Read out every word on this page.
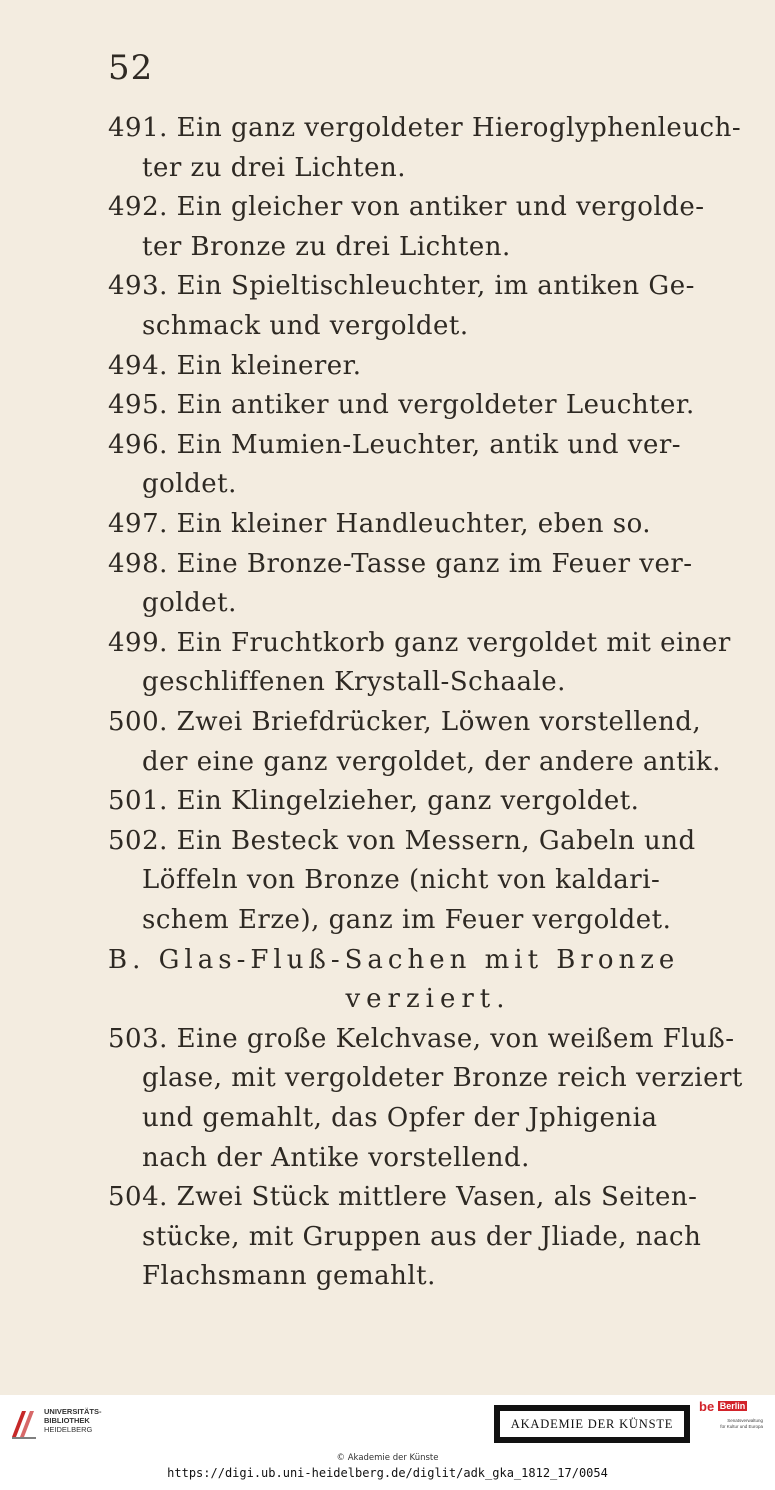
52
491. Ein ganz vergoldeter Hieroglyphenleuch-
ter zu drei Lichten.
492. Ein gleicher von antiker und vergolde-
ter Bronze zu drei Lichten.
493. Ein Spieltischleuchter, im antiken Ge-
schmack und vergoldet.
494. Ein kleinerer.
495. Ein antiker und vergoldeter Leuchter.
496. Ein Mumien-Leuchter, antik und ver-
goldet.
497. Ein kleiner Handleuchter, eben so.
498. Eine Bronze-Tasse ganz im Feuer ver-
goldet.
499. Ein Fruchtkorb ganz vergoldet mit einer
geschliffenen Krystall-Schaale.
500. Zwei Briefdrücker, Löwen vorstellend,
der eine ganz vergoldet, der andere antik.
501. Ein Klingelzieher, ganz vergoldet.
502. Ein Besteck von Messern, Gabeln und
Löffeln von Bronze (nicht von kaldari-
schem Erze), ganz im Feuer vergoldet.
B. Glas-Fluß-Sachen mit Bronze
verziert.
503. Eine große Kelchvase, von weißem Fluß-
glase, mit vergoldeter Bronze reich verziert
und gemahlt, das Opfer der Jphigenia
nach der Antike vorstellend.
504. Zwei Stück mittlere Vasen, als Seiten-
stücke, mit Gruppen aus der Jliade, nach
Flachsmann gemahlt.
UNIVERSITÄTS-
BIBLIOTHEK
HEIDELBERG	AKADEMIE DER KÜNSTE
be Berlin
Senatsverwaltung
für Kultur und Europa
© Akademie der Künste
https://digi.ub.uni-heidelberg.de/diglit/adk_gka_1812_17/0054
